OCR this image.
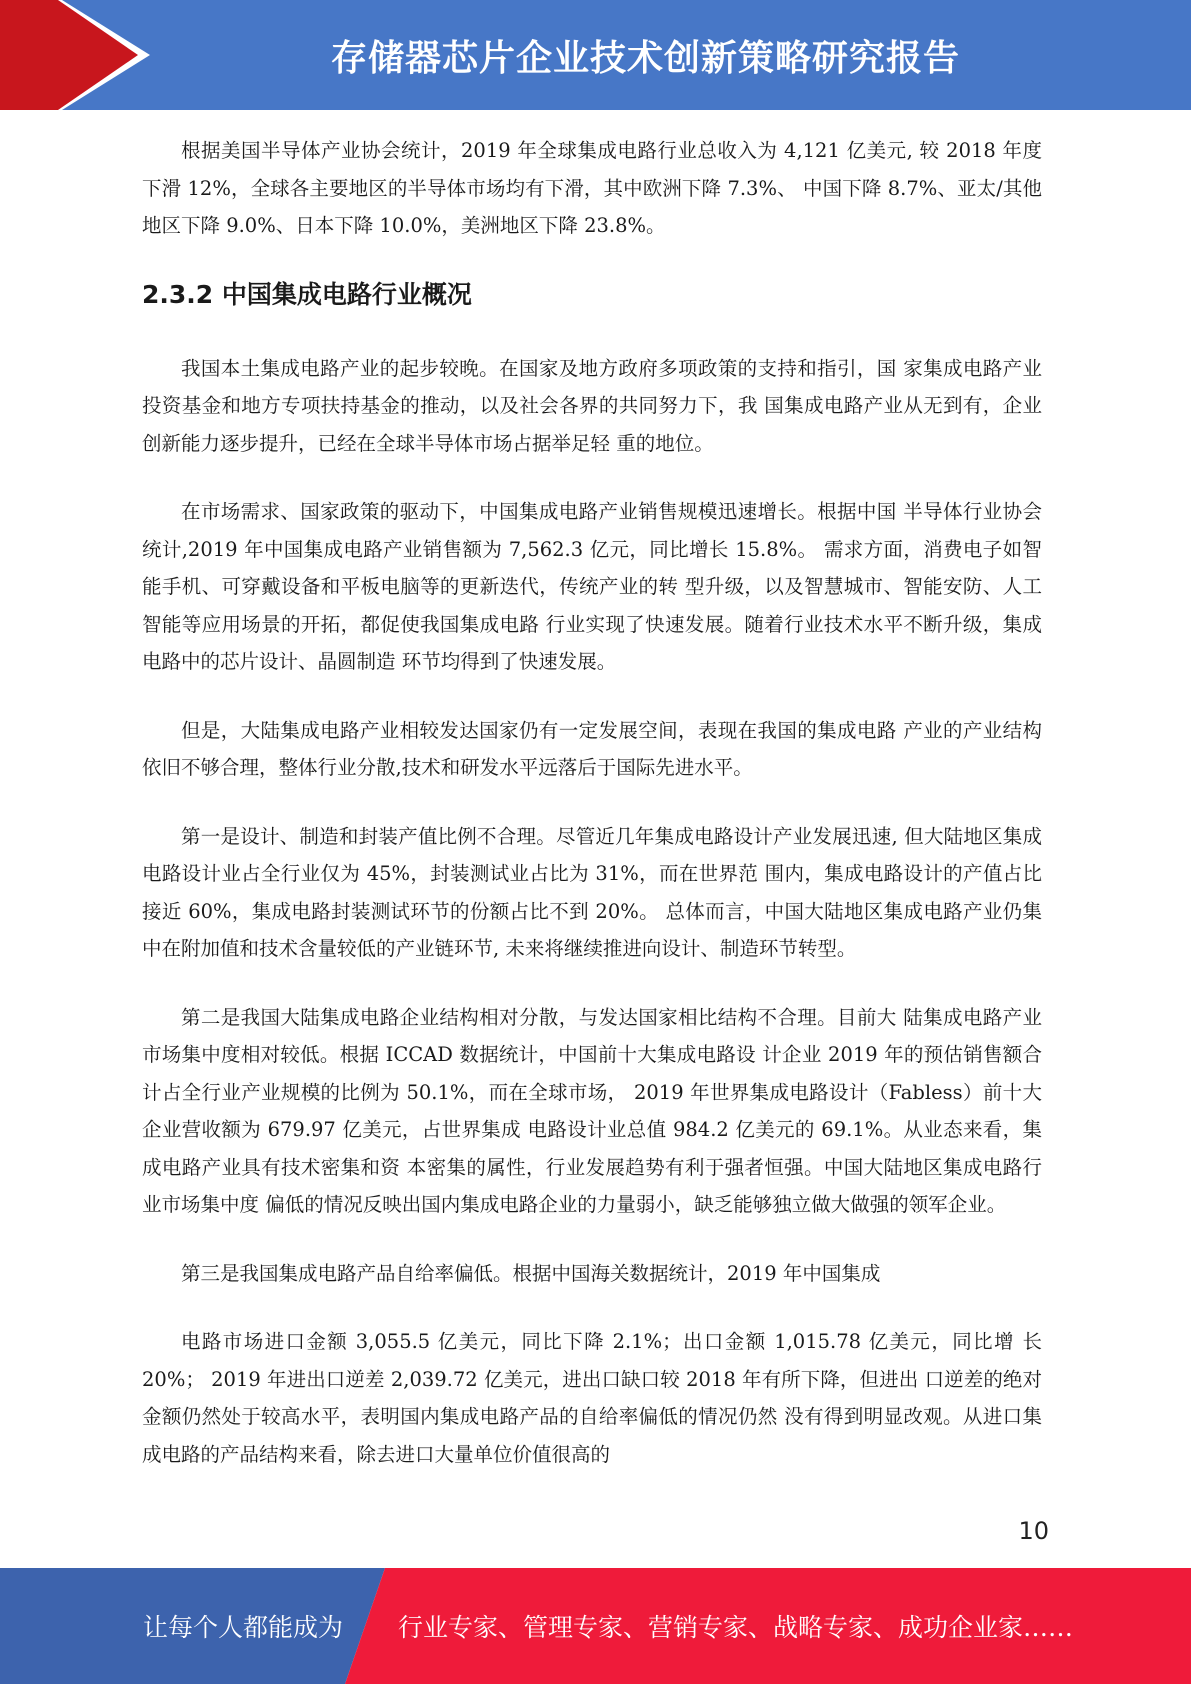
存储器芯片企业技术创新策略研究报告

根据美国半导体产业协会统计，2019 年全球集成电路行业总收入为 4,121 亿美元, 较 2018 年度下滑 12%，全球各主要地区的半导体市场均有下滑，其中欧洲下降 7.3%、 中国下降 8.7%、亚太/其他地区下降 9.0%、日本下降 10.0%，美洲地区下降 23.8%。

2.3.2 中国集成电路行业概况

我国本土集成电路产业的起步较晚。在国家及地方政府多项政策的支持和指引，国 家集成电路产业投资基金和地方专项扶持基金的推动，以及社会各界的共同努力下，我 国集成电路产业从无到有，企业创新能力逐步提升，已经在全球半导体市场占据举足轻 重的地位。

在市场需求、国家政策的驱动下，中国集成电路产业销售规模迅速增长。根据中国 半导体行业协会统计,2019 年中国集成电路产业销售额为 7,562.3 亿元，同比增长 15.8%。 需求方面，消费电子如智能手机、可穿戴设备和平板电脑等的更新迭代，传统产业的转 型升级，以及智慧城市、智能安防、人工智能等应用场景的开拓，都促使我国集成电路 行业实现了快速发展。随着行业技术水平不断升级，集成电路中的芯片设计、晶圆制造 环节均得到了快速发展。

但是，大陆集成电路产业相较发达国家仍有一定发展空间，表现在我国的集成电路 产业的产业结构依旧不够合理，整体行业分散,技术和研发水平远落后于国际先进水平。

第一是设计、制造和封装产值比例不合理。尽管近几年集成电路设计产业发展迅速, 但大陆地区集成电路设计业占全行业仅为 45%，封装测试业占比为 31%，而在世界范 围内，集成电路设计的产值占比接近 60%，集成电路封装测试环节的份额占比不到 20%。 总体而言，中国大陆地区集成电路产业仍集中在附加值和技术含量较低的产业链环节, 未来将继续推进向设计、制造环节转型。

第二是我国大陆集成电路企业结构相对分散，与发达国家相比结构不合理。目前大 陆集成电路产业市场集中度相对较低。根据 ICCAD 数据统计，中国前十大集成电路设 计企业 2019 年的预估销售额合计占全行业产业规模的比例为 50.1%，而在全球市场， 2019 年世界集成电路设计（Fabless）前十大企业营收额为 679.97 亿美元，占世界集成 电路设计业总值 984.2 亿美元的 69.1%。从业态来看，集成电路产业具有技术密集和资 本密集的属性，行业发展趋势有利于强者恒强。中国大陆地区集成电路行业市场集中度 偏低的情况反映出国内集成电路企业的力量弱小，缺乏能够独立做大做强的领军企业。

第三是我国集成电路产品自给率偏低。根据中国海关数据统计，2019 年中国集成

电路市场进口金额 3,055.5 亿美元，同比下降 2.1%；出口金额 1,015.78 亿美元，同比增 长 20%； 2019 年进出口逆差 2,039.72 亿美元，进出口缺口较 2018 年有所下降，但进出 口逆差的绝对金额仍然处于较高水平，表明国内集成电路产品的自给率偏低的情况仍然 没有得到明显改观。从进口集成电路的产品结构来看，除去进口大量单位价值很高的

10
让每个人都能成为 行业专家、管理专家、营销专家、战略专家、成功企业家……
